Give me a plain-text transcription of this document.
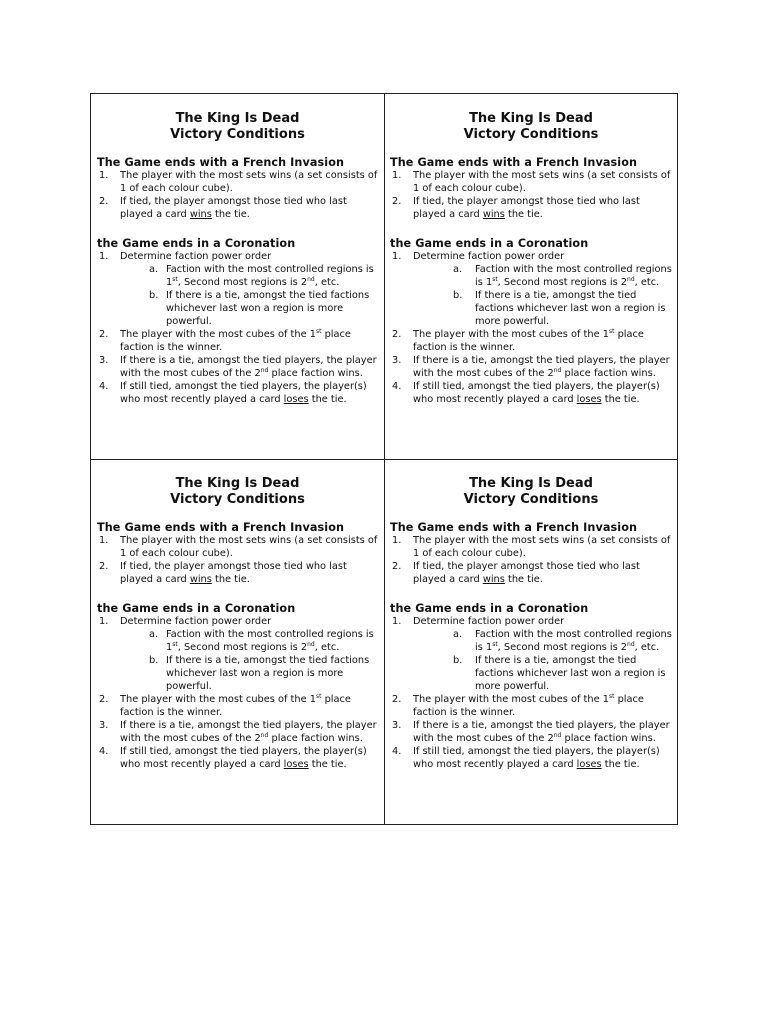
The King Is Dead
Victory Conditions
The Game ends with a French Invasion
1. The player with the most sets wins (a set consists of 1 of each colour cube).
2. If tied, the player amongst those tied who last played a card wins the tie.
the Game ends in a Coronation
1. Determine faction power order
a. Faction with the most controlled regions is 1st, Second most regions is 2nd, etc.
b. If there is a tie, amongst the tied factions whichever last won a region is more powerful.
2. The player with the most cubes of the 1st place faction is the winner.
3. If there is a tie, amongst the tied players, the player with the most cubes of the 2nd place faction wins.
4. If still tied, amongst the tied players, the player(s) who most recently played a card loses the tie.
The King Is Dead
Victory Conditions
The Game ends with a French Invasion
1. The player with the most sets wins (a set consists of 1 of each colour cube).
2. If tied, the player amongst those tied who last played a card wins the tie.
the Game ends in a Coronation
1. Determine faction power order
a. Faction with the most controlled regions is 1st, Second most regions is 2nd, etc.
b. If there is a tie, amongst the tied factions whichever last won a region is more powerful.
2. The player with the most cubes of the 1st place faction is the winner.
3. If there is a tie, amongst the tied players, the player with the most cubes of the 2nd place faction wins.
4. If still tied, amongst the tied players, the player(s) who most recently played a card loses the tie.
The King Is Dead
Victory Conditions
The Game ends with a French Invasion
1. The player with the most sets wins (a set consists of 1 of each colour cube).
2. If tied, the player amongst those tied who last played a card wins the tie.
the Game ends in a Coronation
1. Determine faction power order
a. Faction with the most controlled regions is 1st, Second most regions is 2nd, etc.
b. If there is a tie, amongst the tied factions whichever last won a region is more powerful.
2. The player with the most cubes of the 1st place faction is the winner.
3. If there is a tie, amongst the tied players, the player with the most cubes of the 2nd place faction wins.
4. If still tied, amongst the tied players, the player(s) who most recently played a card loses the tie.
The King Is Dead
Victory Conditions
The Game ends with a French Invasion
1. The player with the most sets wins (a set consists of 1 of each colour cube).
2. If tied, the player amongst those tied who last played a card wins the tie.
the Game ends in a Coronation
1. Determine faction power order
a. Faction with the most controlled regions is 1st, Second most regions is 2nd, etc.
b. If there is a tie, amongst the tied factions whichever last won a region is more powerful.
2. The player with the most cubes of the 1st place faction is the winner.
3. If there is a tie, amongst the tied players, the player with the most cubes of the 2nd place faction wins.
4. If still tied, amongst the tied players, the player(s) who most recently played a card loses the tie.
